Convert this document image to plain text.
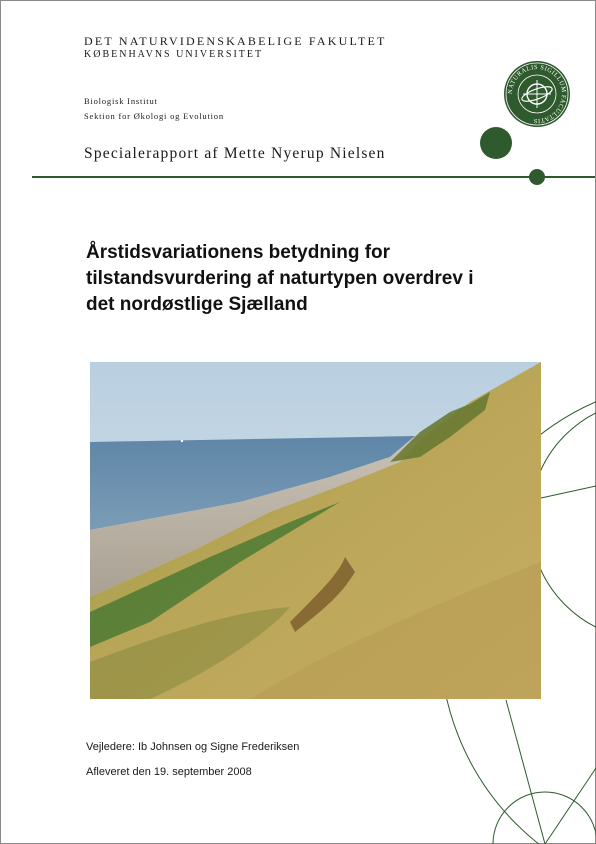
DET NATURVIDENSKABELIGE FAKULTET
KØBENHAVNS UNIVERSITET
Biologisk Institut
Sektion for Økologi og Evolution
Specialerapport af Mette Nyerup Nielsen
NATURALIS SIGILLUM FACULTATIS
Årstidsvariationens betydning for
tilstandsvurdering af naturtypen overdrev i
det nordøstlige Sjælland
Vejledere: Ib Johnsen og Signe Frederiksen
Afleveret den 19. september 2008
